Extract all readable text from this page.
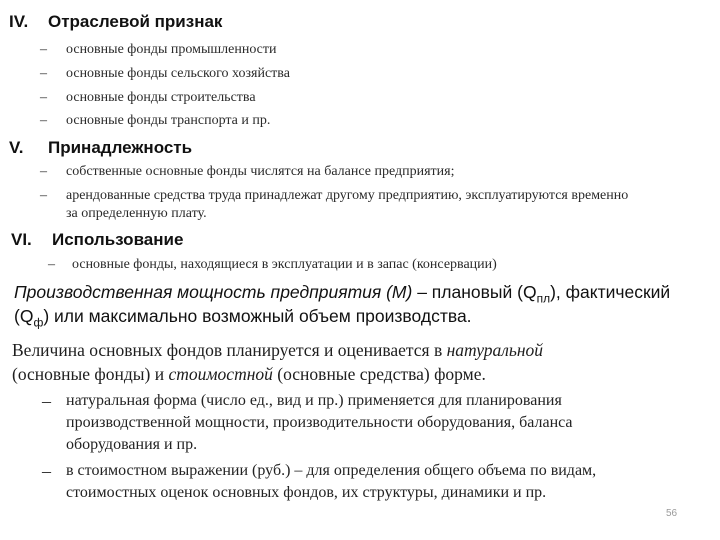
IV. Отраслевой признак
– основные фонды промышленности
– основные фонды сельского хозяйства
– основные фонды строительства
– основные фонды транспорта и пр.
V. Принадлежность
– собственные основные фонды числятся на балансе предприятия;
– арендованные средства труда принадлежат другому предприятию, эксплуатируются временно
за определенную плату.
VI. Использование
– основные фонды, находящиеся в эксплуатации и в запас (консервации)
Производственная мощность предприятия (М) – плановый $(Q_{пл})$, фактический
$(Q_ф)$ или максимально возможный объем производства.
Величина основных фондов планируется и оценивается в натуральной
(основные фонды) и стоимостной (основные средства) форме.
– натуральная форма (число ед., вид и пр.) применяется для планирования
производственной мощности, производительности оборудования, баланса
оборудования и пр.
– в стоимостном выражении (руб.) – для определения общего объема по видам,
стоимостных оценок основных фондов, их структуры, динамики и пр.
56
